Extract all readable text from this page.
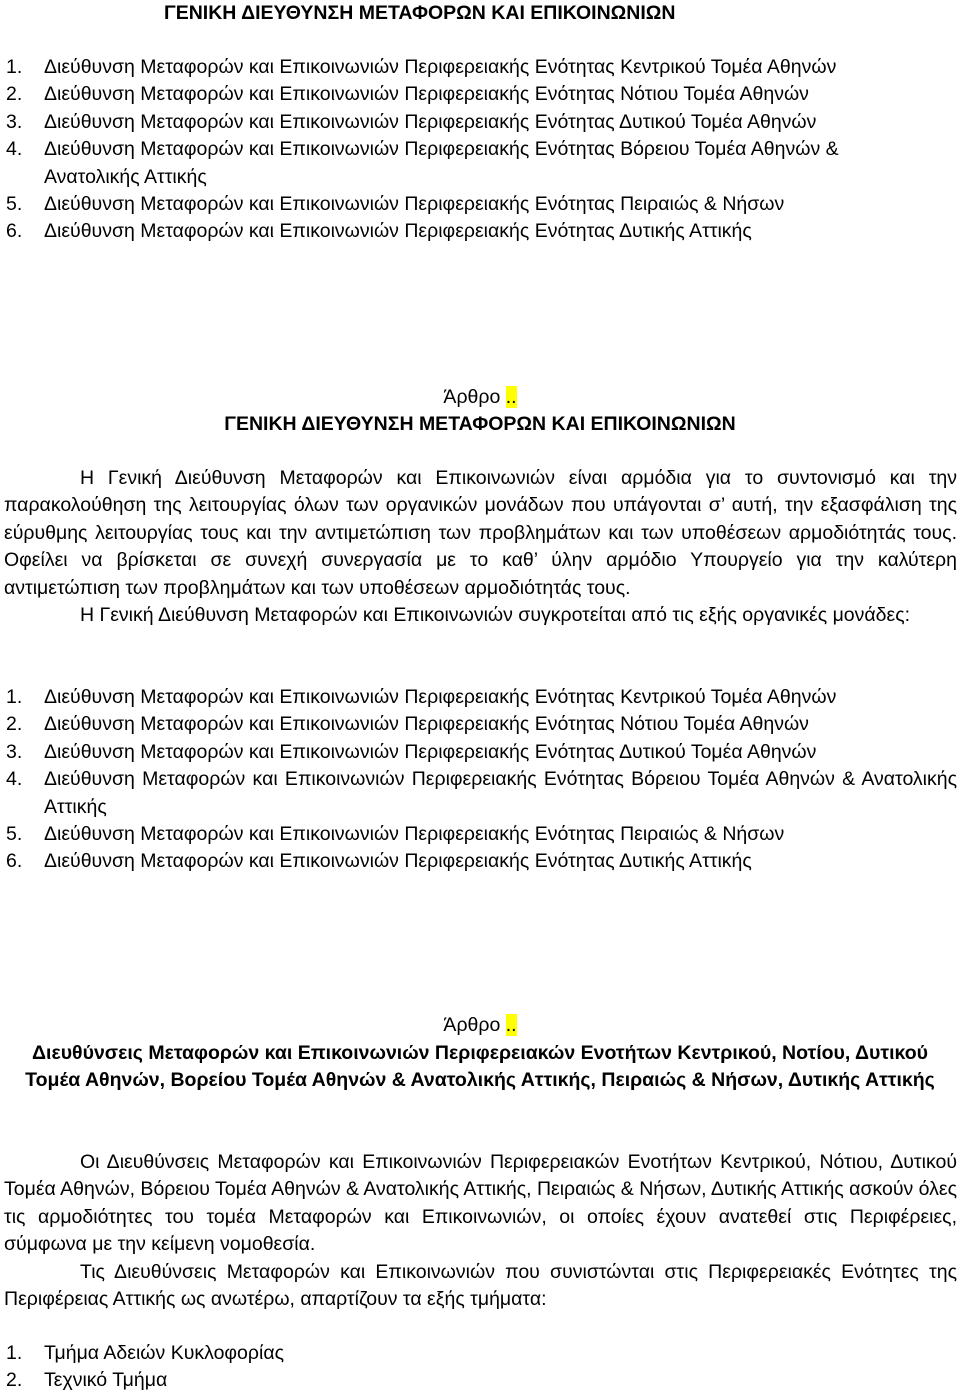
ΓΕΝΙΚΗ ΔΙΕΥΘΥΝΣΗ ΜΕΤΑΦΟΡΩΝ ΚΑΙ ΕΠΙΚΟΙΝΩΝΙΩΝ
1. Διεύθυνση Μεταφορών και Επικοινωνιών Περιφερειακής Ενότητας Κεντρικού Τομέα Αθηνών
2. Διεύθυνση Μεταφορών και Επικοινωνιών Περιφερειακής Ενότητας Νότιου Τομέα Αθηνών
3. Διεύθυνση Μεταφορών και Επικοινωνιών Περιφερειακής Ενότητας Δυτικού Τομέα Αθηνών
4. Διεύθυνση Μεταφορών και Επικοινωνιών Περιφερειακής Ενότητας Βόρειου Τομέα Αθηνών & Ανατολικής Αττικής
5. Διεύθυνση Μεταφορών και Επικοινωνιών Περιφερειακής Ενότητας Πειραιώς & Νήσων
6. Διεύθυνση Μεταφορών και Επικοινωνιών Περιφερειακής Ενότητας Δυτικής Αττικής
Άρθρο ..
ΓΕΝΙΚΗ ΔΙΕΥΘΥΝΣΗ ΜΕΤΑΦΟΡΩΝ ΚΑΙ ΕΠΙΚΟΙΝΩΝΙΩΝ

Η Γενική Διεύθυνση Μεταφορών και Επικοινωνιών είναι αρμόδια για το συντονισμό και την παρακολούθηση της λειτουργίας όλων των οργανικών μονάδων που υπάγονται σ’ αυτή, την εξασφάλιση της εύρυθμης λειτουργίας τους και την αντιμετώπιση των προβλημάτων και των υποθέσεων αρμοδιότητάς τους. Οφείλει να βρίσκεται σε συνεχή συνεργασία με το καθ’ ύλην αρμόδιο Υπουργείο για την καλύτερη αντιμετώπιση των προβλημάτων και των υποθέσεων αρμοδιότητάς τους.

Η Γενική Διεύθυνση Μεταφορών και Επικοινωνιών συγκροτείται από τις εξής οργανικές μονάδες:

1. Διεύθυνση Μεταφορών και Επικοινωνιών Περιφερειακής Ενότητας Κεντρικού Τομέα Αθηνών
2. Διεύθυνση Μεταφορών και Επικοινωνιών Περιφερειακής Ενότητας Νότιου Τομέα Αθηνών
3. Διεύθυνση Μεταφορών και Επικοινωνιών Περιφερειακής Ενότητας Δυτικού Τομέα Αθηνών
4. Διεύθυνση Μεταφορών και Επικοινωνιών Περιφερειακής Ενότητας Βόρειου Τομέα Αθηνών & Ανατολικής Αττικής
5. Διεύθυνση Μεταφορών και Επικοινωνιών Περιφερειακής Ενότητας Πειραιώς & Νήσων
6. Διεύθυνση Μεταφορών και Επικοινωνιών Περιφερειακής Ενότητας Δυτικής Αττικής
Άρθρο ..
Διευθύνσεις Μεταφορών και Επικοινωνιών Περιφερειακών Ενοτήτων Κεντρικού, Νοτίου, Δυτικού Τομέα Αθηνών, Βορείου Τομέα Αθηνών & Ανατολικής Αττικής, Πειραιώς & Νήσων, Δυτικής Αττικής

Οι Διευθύνσεις Μεταφορών και Επικοινωνιών Περιφερειακών Ενοτήτων Κεντρικού, Νότιου, Δυτικού Τομέα Αθηνών, Βόρειου Τομέα Αθηνών & Ανατολικής Αττικής, Πειραιώς & Νήσων, Δυτικής Αττικής ασκούν όλες τις αρμοδιότητες του τομέα Μεταφορών και Επικοινωνιών, οι οποίες έχουν ανατεθεί στις Περιφέρειες, σύμφωνα με την κείμενη νομοθεσία.

Τις Διευθύνσεις Μεταφορών και Επικοινωνιών που συνιστώνται στις Περιφερειακές Ενότητες της Περιφέρειας Αττικής ως ανωτέρω, απαρτίζουν τα εξής τμήματα:

1. Τμήμα Αδειών Κυκλοφορίας
2. Τεχνικό Τμήμα
